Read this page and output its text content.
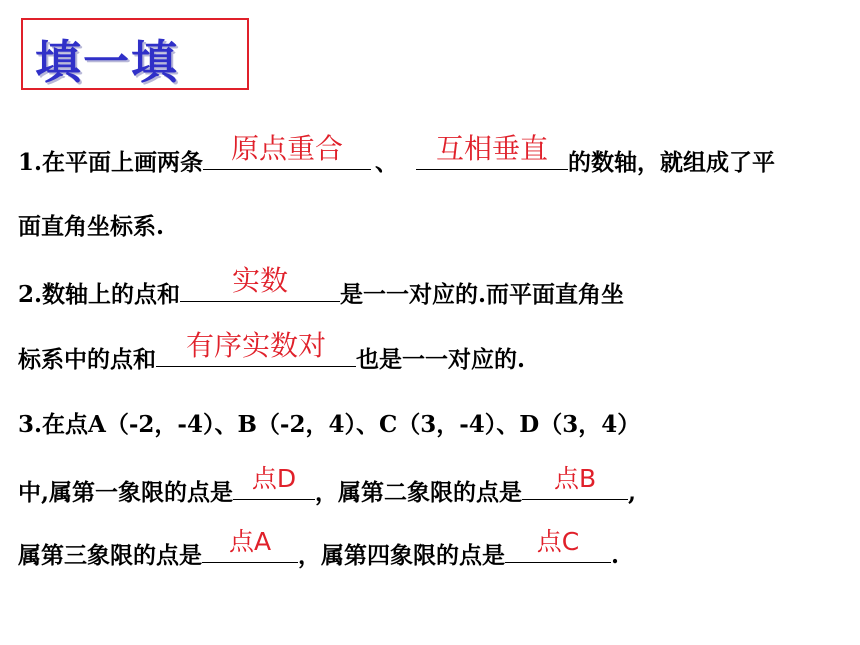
填一填
1.在平面上画两条 原点重合	、	互相垂直 的数轴，就组成了平
面直角坐标系.
2.数轴上的点和	实数	是一一对应的.而平面直角坐
标系中的点和	有序实数对	也是一一对应的.
3.在点A（-2，-4）、B（-2，4）、C（3，-4）、D（3，4）
中,属第一象限的点是 点D ，属第二象限的点是	点B	,
属第三象限的点是	点A	，属第四象限的点是	点C	.
